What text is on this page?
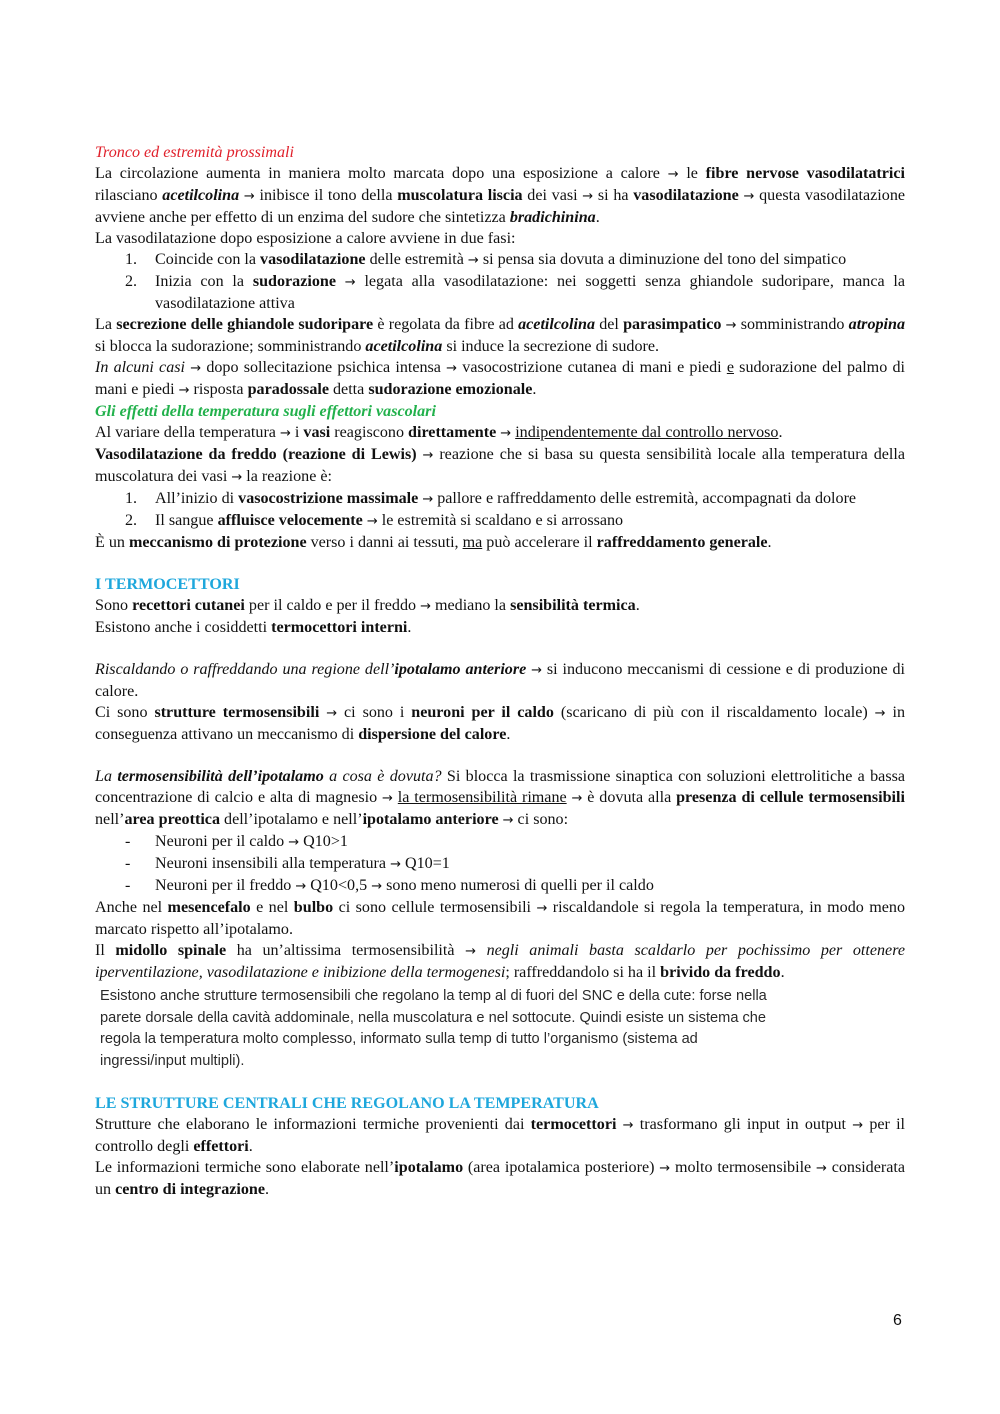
Tronco ed estremità prossimali
La circolazione aumenta in maniera molto marcata dopo una esposizione a calore → le fibre nervose vasodilatatrici rilasciano acetilcolina → inibisce il tono della muscolatura liscia dei vasi → si ha vasodilatazione → questa vasodilatazione avviene anche per effetto di un enzima del sudore che sintetizza bradichinina.
La vasodilatazione dopo esposizione a calore avviene in due fasi:
1. Coincide con la vasodilatazione delle estremità → si pensa sia dovuta a diminuzione del tono del simpatico
2. Inizia con la sudorazione → legata alla vasodilatazione: nei soggetti senza ghiandole sudoripare, manca la vasodilatazione attiva
La secrezione delle ghiandole sudoripare è regolata da fibre ad acetilcolina del parasimpatico → somministrando atropina si blocca la sudorazione; somministrando acetilcolina si induce la secrezione di sudore.
In alcuni casi → dopo sollecitazione psichica intensa → vasocostrizione cutanea di mani e piedi e sudorazione del palmo di mani e piedi → risposta paradossale detta sudorazione emozionale.
Gli effetti della temperatura sugli effettori vascolari
Al variare della temperatura → i vasi reagiscono direttamente → indipendentemente dal controllo nervoso.
Vasodilatazione da freddo (reazione di Lewis) → reazione che si basa su questa sensibilità locale alla temperatura della muscolatura dei vasi → la reazione è:
1. All’inizio di vasocostrizione massimale → pallore e raffreddamento delle estremità, accompagnati da dolore
2. Il sangue affluisce velocemente → le estremità si scaldano e si arrossano
È un meccanismo di protezione verso i danni ai tessuti, ma può accelerare il raffreddamento generale.
I TERMOCETTORI
Sono recettori cutanei per il caldo e per il freddo → mediano la sensibilità termica.
Esistono anche i cosiddetti termocettori interni.
Riscaldando o raffreddando una regione dell’ipotalamo anteriore → si inducono meccanismi di cessione e di produzione di calore.
Ci sono strutture termosensibili → ci sono i neuroni per il caldo (scaricano di più con il riscaldamento locale) → in conseguenza attivano un meccanismo di dispersione del calore.
La termosensibilità dell’ipotalamo a cosa è dovuta? Si blocca la trasmissione sinaptica con soluzioni elettrolitiche a bassa concentrazione di calcio e alta di magnesio → la termosensibilità rimane → è dovuta alla presenza di cellule termosensibili nell’area preottica dell’ipotalamo e nell’ipotalamo anteriore → ci sono:
- Neuroni per il caldo → Q10>1
- Neuroni insensibili alla temperatura → Q10=1
- Neuroni per il freddo → Q10<0,5 → sono meno numerosi di quelli per il caldo
Anche nel mesencefalo e nel bulbo ci sono cellule termosensibili → riscaldandole si regola la temperatura, in modo meno marcato rispetto all’ipotalamo.
Il midollo spinale ha un’altissima termosensibilità → negli animali basta scaldarlo per pochissimo per ottenere iperventilazione, vasodilatazione e inibizione della termogenesi; raffreddandolo si ha il brivido da freddo.
Esistono anche strutture termosensibili che regolano la temp al di fuori del SNC e della cute: forse nella
parete dorsale della cavità addominale, nella muscolatura e nel sottocute. Quindi esiste un sistema che
regola la temperatura molto complesso, informato sulla temp di tutto l’organismo (sistema ad
ingressi/input multipli).
LE STRUTTURE CENTRALI CHE REGOLANO LA TEMPERATURA
Strutture che elaborano le informazioni termiche provenienti dai termocettori → trasformano gli input in output → per il controllo degli effettori.
Le informazioni termiche sono elaborate nell’ipotalamo (area ipotalamica posteriore) → molto termosensibile → considerata un centro di integrazione.
6
